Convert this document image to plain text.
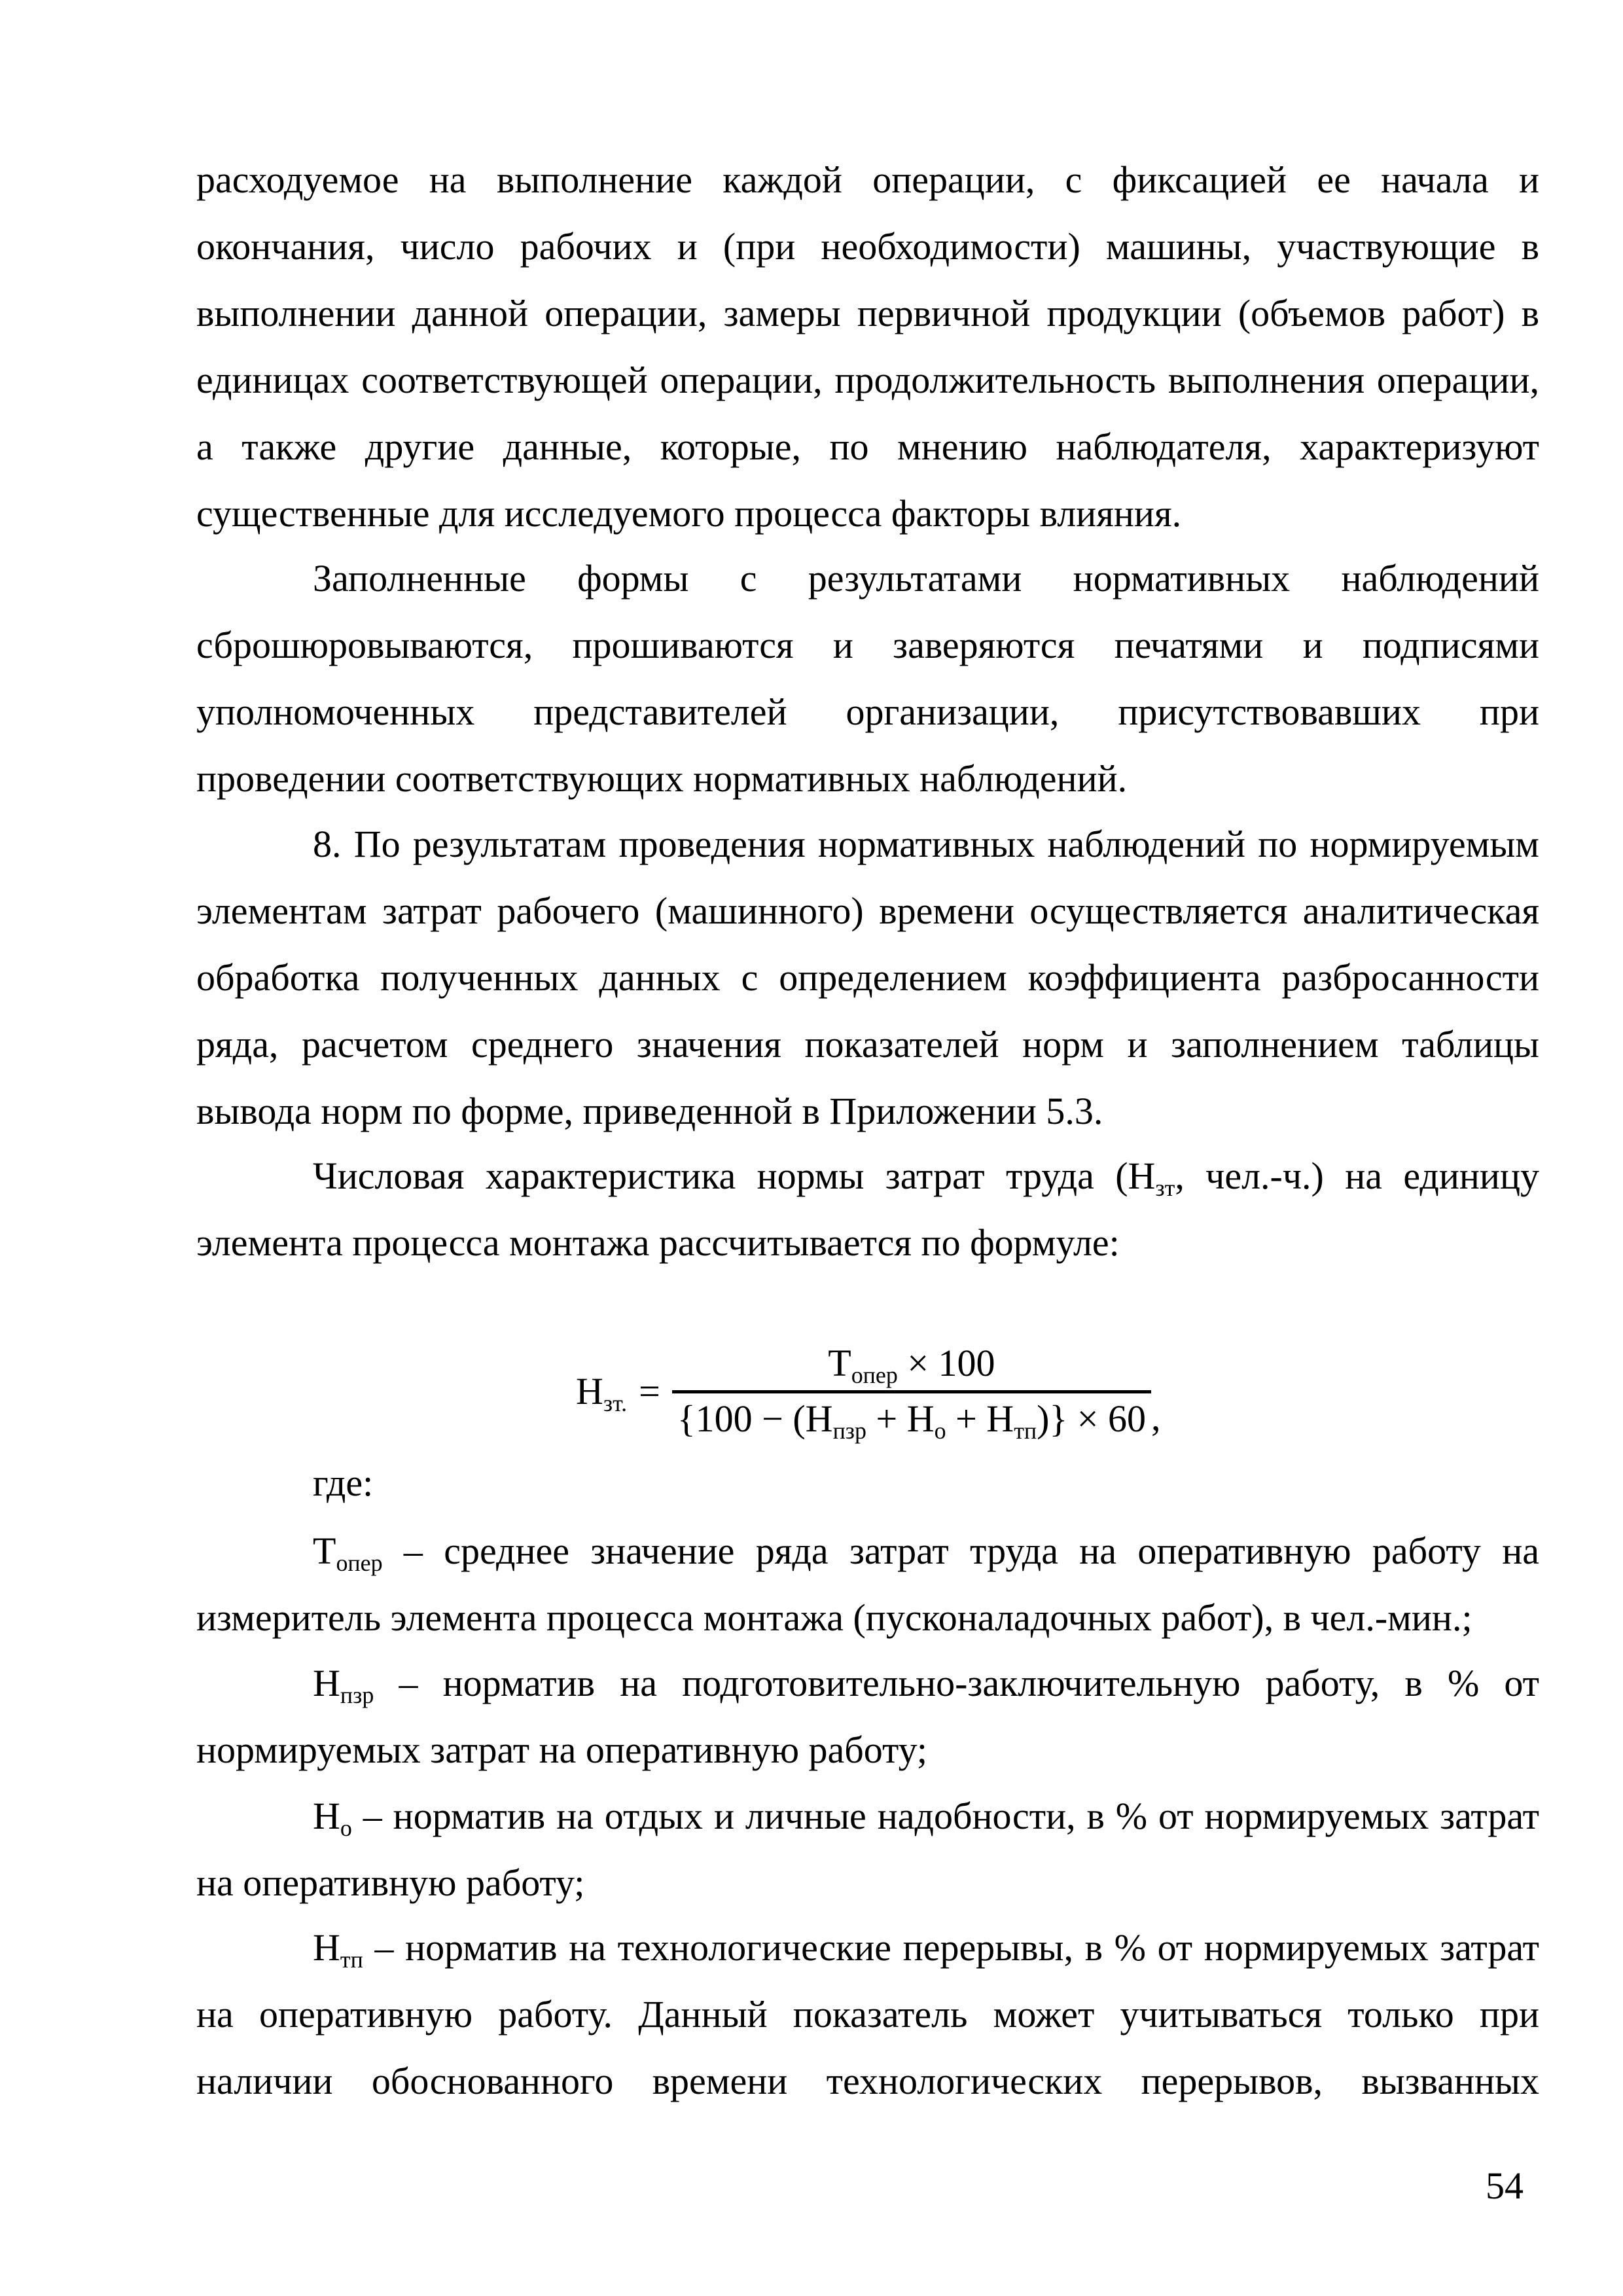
расходуемое на выполнение каждой операции, с фиксацией ее начала и
окончания, число рабочих и (при необходимости) машины, участвующие в
выполнении данной операции, замеры первичной продукции (объемов работ) в
единицах соответствующей операции, продолжительность выполнения операции,
а также другие данные, которые, по мнению наблюдателя, характеризуют
существенные для исследуемого процесса факторы влияния.
Заполненные формы с результатами нормативных наблюдений
сброшюровываются, прошиваются и заверяются печатями и подписями
уполномоченных представителей организации, присутствовавших при
проведении соответствующих нормативных наблюдений.
8. По результатам проведения нормативных наблюдений по нормируемым
элементам затрат рабочего (машинного) времени осуществляется аналитическая
обработка полученных данных с определением коэффициента разбросанности
ряда, расчетом среднего значения показателей норм и заполнением таблицы
вывода норм по форме, приведенной в Приложении 5.3.
Числовая характеристика нормы затрат труда ($Н_{зт}$, чел.-ч.) на единицу
элемента процесса монтажа рассчитывается по формуле:
$Н_{зт.} = \frac{Т_{опер} \times 100}{\{100 - (Н_{пзр} + Н_о + Н_{тп})\} \times 60}$ ,
где:
$Т_{опер}$ – среднее значение ряда затрат труда на оперативную работу на
измеритель элемента процесса монтажа (пусконаладочных работ), в чел.-мин.;
$Н_{пзр}$ – норматив на подготовительно-заключительную работу, в % от
нормируемых затрат на оперативную работу;
$Н_о$ – норматив на отдых и личные надобности, в % от нормируемых затрат
на оперативную работу;
$Н_{тп}$ – норматив на технологические перерывы, в % от нормируемых затрат
на оперативную работу. Данный показатель может учитываться только при
наличии обоснованного времени технологических перерывов, вызванных
54
